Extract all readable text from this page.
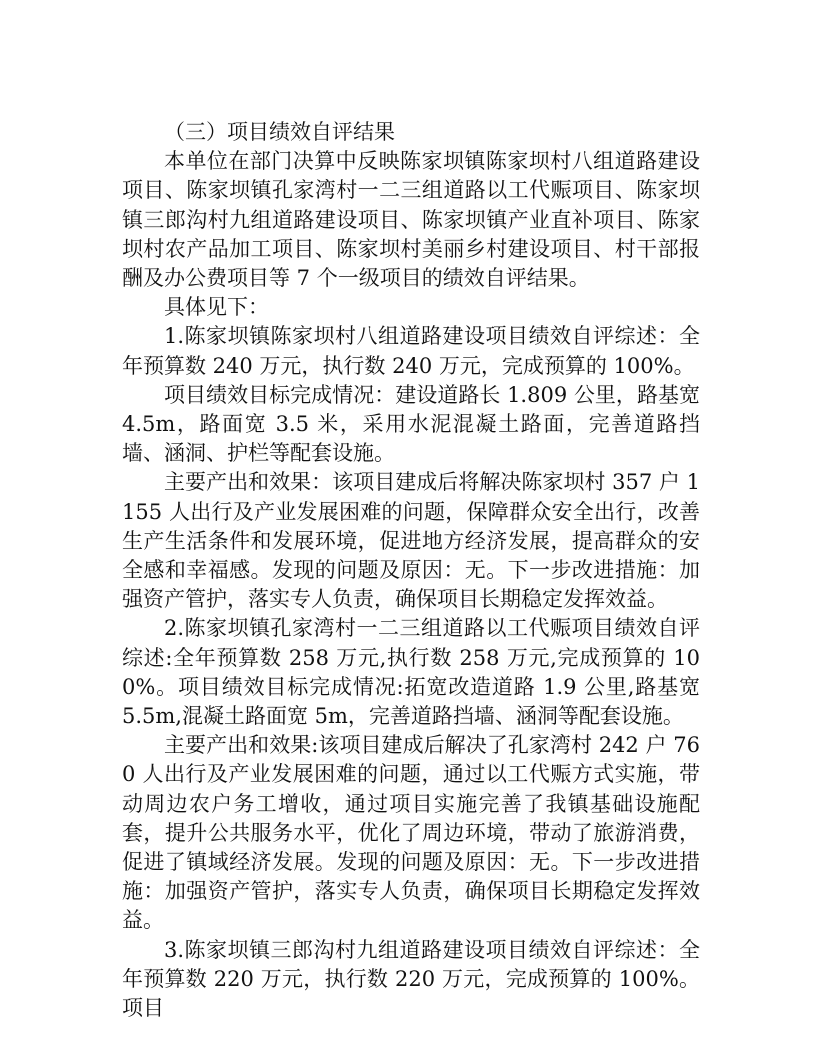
（三）项目绩效自评结果

本单位在部门决算中反映陈家坝镇陈家坝村八组道路建设项目、陈家坝镇孔家湾村一二三组道路以工代赈项目、陈家坝镇三郎沟村九组道路建设项目、陈家坝镇产业直补项目、陈家坝村农产品加工项目、陈家坝村美丽乡村建设项目、村干部报酬及办公费项目等 7 个一级项目的绩效自评结果。

具体见下：

1.陈家坝镇陈家坝村八组道路建设项目绩效自评综述：全年预算数 240 万元，执行数 240 万元，完成预算的 100%。

项目绩效目标完成情况：建设道路长 1.809 公里，路基宽 4.5m，路面宽 3.5 米，采用水泥混凝土路面，完善道路挡墙、涵洞、护栏等配套设施。

主要产出和效果：该项目建成后将解决陈家坝村 357 户 1155 人出行及产业发展困难的问题，保障群众安全出行，改善生产生活条件和发展环境，促进地方经济发展，提高群众的安全感和幸福感。发现的问题及原因：无。下一步改进措施：加强资产管护，落实专人负责，确保项目长期稳定发挥效益。

2.陈家坝镇孔家湾村一二三组道路以工代赈项目绩效自评综述:全年预算数 258 万元,执行数 258 万元,完成预算的 100%。项目绩效目标完成情况:拓宽改造道路 1.9 公里,路基宽 5.5m,混凝土路面宽 5m，完善道路挡墙、涵洞等配套设施。

主要产出和效果:该项目建成后解决了孔家湾村 242 户 760 人出行及产业发展困难的问题，通过以工代赈方式实施，带动周边农户务工增收，通过项目实施完善了我镇基础设施配套，提升公共服务水平，优化了周边环境，带动了旅游消费，促进了镇域经济发展。发现的问题及原因：无。下一步改进措施：加强资产管护，落实专人负责，确保项目长期稳定发挥效益。

3.陈家坝镇三郎沟村九组道路建设项目绩效自评综述：全年预算数 220 万元，执行数 220 万元，完成预算的 100%。项目
